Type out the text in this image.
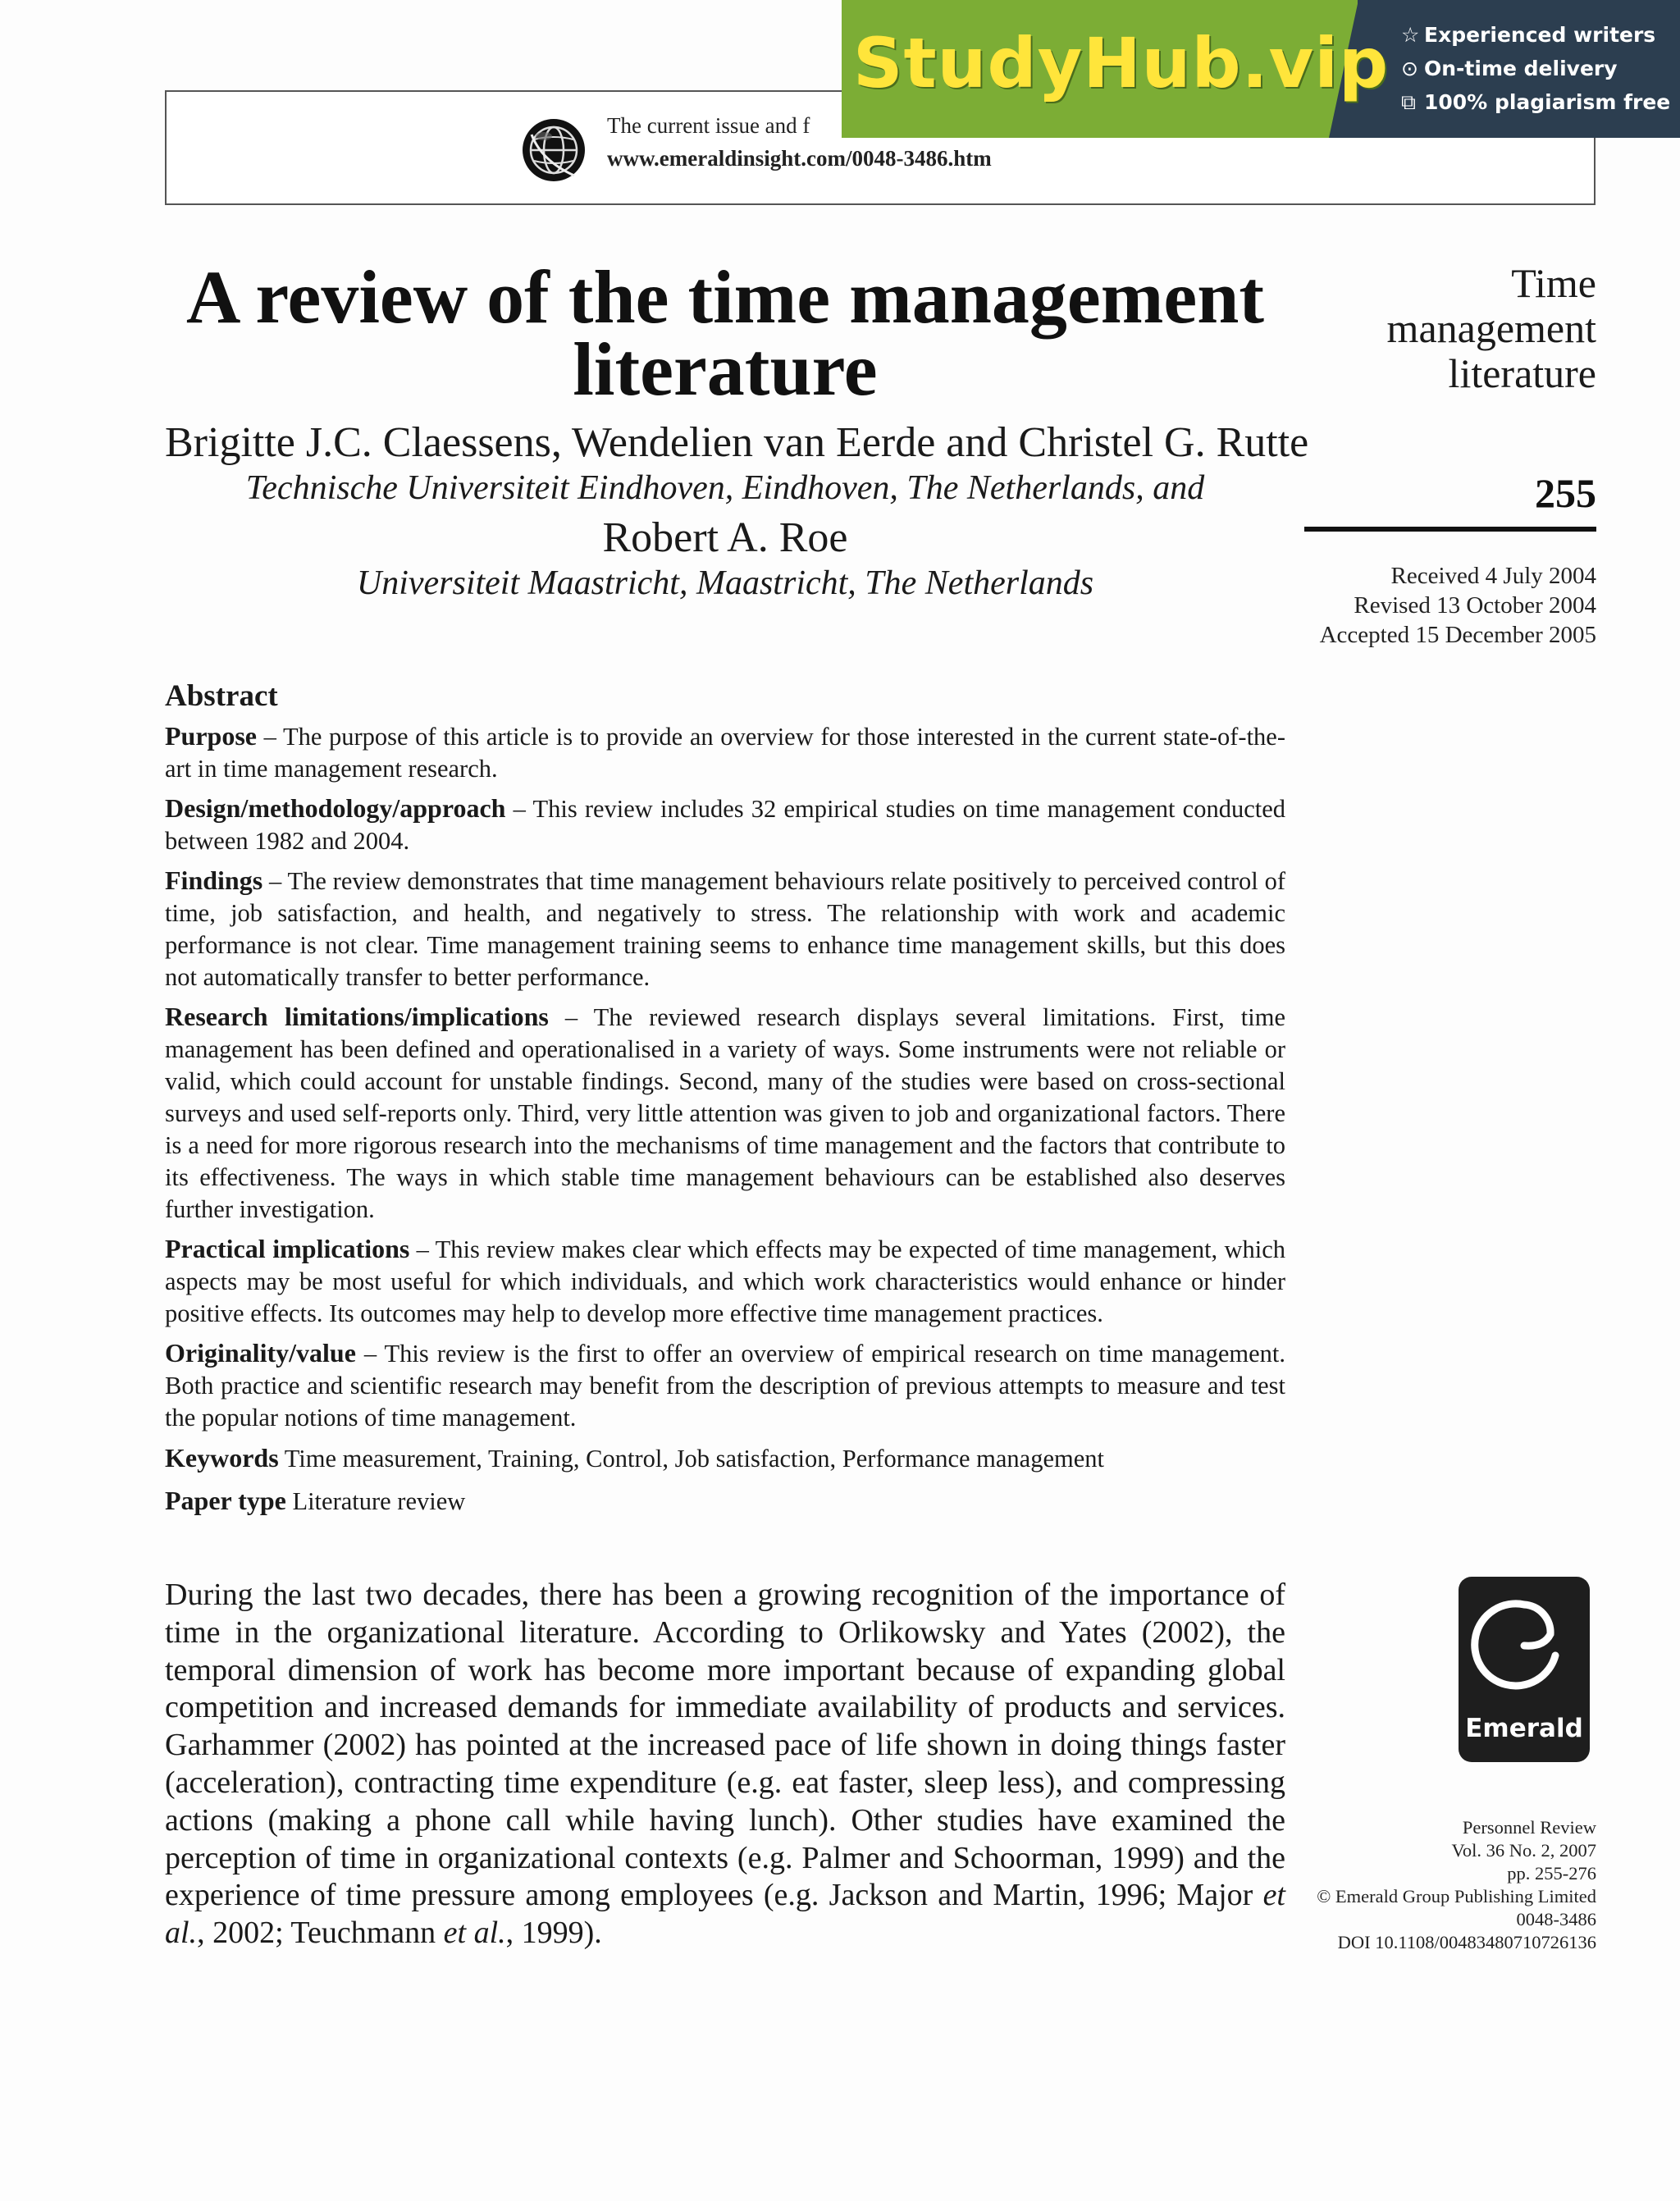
The current issue and f
www.emeraldinsight.com/0048-3486.htm
StudyHub.vip ☆ Experienced writers
⊙ On-time delivery
⧉ 100% plagiarism free
A review of the time management
literature
Brigitte J.C. Claessens, Wendelien van Eerde and Christel G. Rutte
Technische Universiteit Eindhoven, Eindhoven, The Netherlands, and
Robert A. Roe
Universiteit Maastricht, Maastricht, The Netherlands
Time
management
literature
255
Received 4 July 2004
Revised 13 October 2004
Accepted 15 December 2005
Abstract

Purpose – The purpose of this article is to provide an overview for those interested in the current state-of-the-art in time management research.

Design/methodology/approach – This review includes 32 empirical studies on time management conducted between 1982 and 2004.

Findings – The review demonstrates that time management behaviours relate positively to perceived control of time, job satisfaction, and health, and negatively to stress. The relationship with work and academic performance is not clear. Time management training seems to enhance time management skills, but this does not automatically transfer to better performance.

Research limitations/implications – The reviewed research displays several limitations. First, time management has been defined and operationalised in a variety of ways. Some instruments were not reliable or valid, which could account for unstable findings. Second, many of the studies were based on cross-sectional surveys and used self-reports only. Third, very little attention was given to job and organizational factors. There is a need for more rigorous research into the mechanisms of time management and the factors that contribute to its effectiveness. The ways in which stable time management behaviours can be established also deserves further investigation.

Practical implications – This review makes clear which effects may be expected of time management, which aspects may be most useful for which individuals, and which work characteristics would enhance or hinder positive effects. Its outcomes may help to develop more effective time management practices.

Originality/value – This review is the first to offer an overview of empirical research on time management. Both practice and scientific research may benefit from the description of previous attempts to measure and test the popular notions of time management.

Keywords Time measurement, Training, Control, Job satisfaction, Performance management
Paper type Literature review

During the last two decades, there has been a growing recognition of the importance of time in the organizational literature. According to Orlikowsky and Yates (2002), the temporal dimension of work has become more important because of expanding global competition and increased demands for immediate availability of products and services. Garhammer (2002) has pointed at the increased pace of life shown in doing things faster (acceleration), contracting time expenditure (e.g. eat faster, sleep less), and compressing actions (making a phone call while having lunch). Other studies have examined the perception of time in organizational contexts (e.g. Palmer and Schoorman, 1999) and the experience of time pressure among employees (e.g. Jackson and Martin, 1996; Major et al., 2002; Teuchmann et al., 1999).

Emerald
Personnel Review
Vol. 36 No. 2, 2007
pp. 255-276
© Emerald Group Publishing Limited
0048-3486
DOI 10.1108/00483480710726136
